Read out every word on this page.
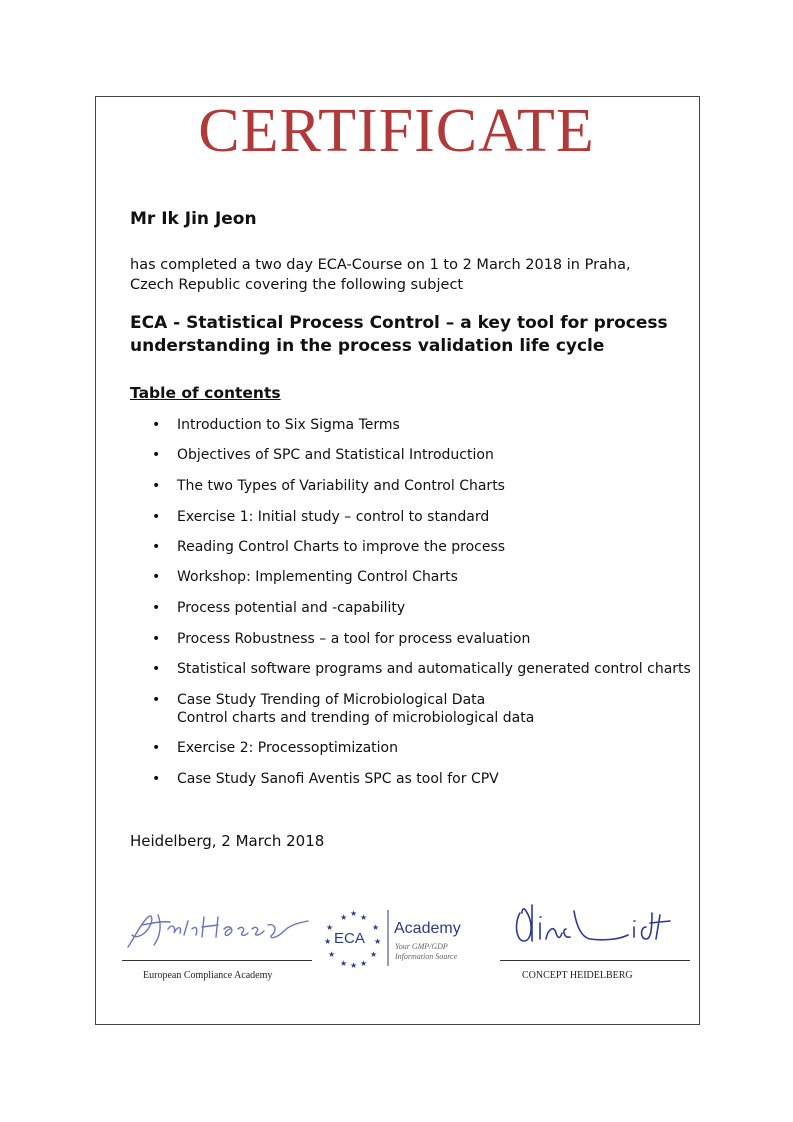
CERTIFICATE
Mr Ik Jin Jeon
has completed a two day ECA-Course on 1 to 2 March 2018 in Praha,
Czech Republic covering the following subject
ECA - Statistical Process Control – a key tool for process
understanding in the process validation life cycle
Table of contents
• Introduction to Six Sigma Terms
• Objectives of SPC and Statistical Introduction
• The two Types of Variability and Control Charts
• Exercise 1: Initial study – control to standard
• Reading Control Charts to improve the process
• Workshop: Implementing Control Charts
• Process potential and -capability
• Process Robustness – a tool for process evaluation
• Statistical software programs and automatically generated control charts
• Case Study Trending of Microbiological Data
Control charts and trending of microbiological data
• Exercise 2: Processoptimization
• Case Study Sanofi Aventis SPC as tool for CPV
Heidelberg, 2 March 2018
European Compliance Academy
★ ★ ★
★	★
★	★
★	★
★ ★ ★
ECA
Academy
Your GMP/GDP
Information Source
CONCEPT HEIDELBERG
